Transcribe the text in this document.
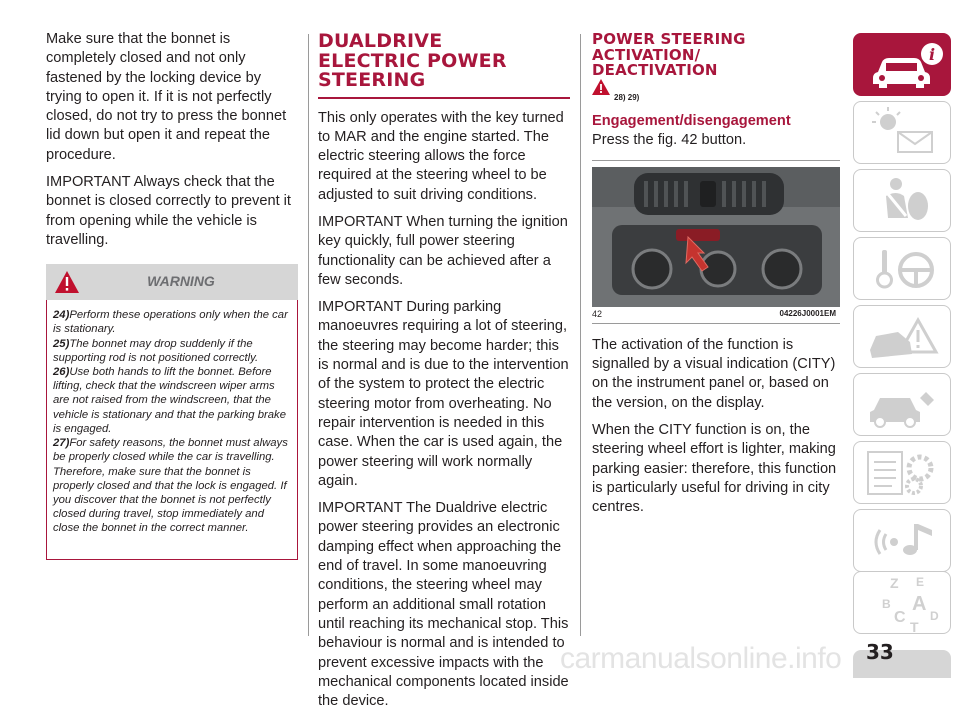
Make sure that the bonnet is completely closed and not only fastened by the locking device by trying to open it. If it is not perfectly closed, do not try to press the bonnet lid down but open it and repeat the procedure.

IMPORTANT Always check that the bonnet is closed correctly to prevent it from opening while the vehicle is travelling.

WARNING

24)Perform these operations only when the car is stationary.

25)The bonnet may drop suddenly if the supporting rod is not positioned correctly.

26)Use both hands to lift the bonnet. Before lifting, check that the windscreen wiper arms are not raised from the windscreen, that the vehicle is stationary and that the parking brake is engaged.

27)For safety reasons, the bonnet must always be properly closed while the car is travelling. Therefore, make sure that the bonnet is properly closed and that the lock is engaged. If you discover that the bonnet is not perfectly closed during travel, stop immediately and close the bonnet in the correct manner.

DUALDRIVE
ELECTRIC POWER
STEERING

This only operates with the key turned to MAR and the engine started. The electric steering allows the force required at the steering wheel to be adjusted to suit driving conditions.

IMPORTANT When turning the ignition key quickly, full power steering functionality can be achieved after a few seconds.

IMPORTANT During parking manoeuvres requiring a lot of steering, the steering may become harder; this is normal and is due to the intervention of the system to protect the electric steering motor from overheating. No repair intervention is needed in this case. When the car is used again, the power steering will work normally again.

IMPORTANT The Dualdrive electric power steering provides an electronic damping effect when approaching the end of travel. In some manoeuvring conditions, the steering wheel may perform an additional small rotation until reaching its mechanical stop. This behaviour is normal and is intended to prevent excessive impacts with the mechanical components located inside the device.

POWER STEERING
ACTIVATION/
DEACTIVATION
28) 29)
Engagement/disengagement

Press the fig. 42 button.

42	04226J0001EM

The activation of the function is signalled by a visual indication (CITY) on the instrument panel or, based on the version, on the display.

When the CITY function is on, the steering wheel effort is lighter, making parking easier: therefore, this function is particularly useful for driving in city centres.

i
Z E
B A
C D
T
33
carmanualsonline.info
